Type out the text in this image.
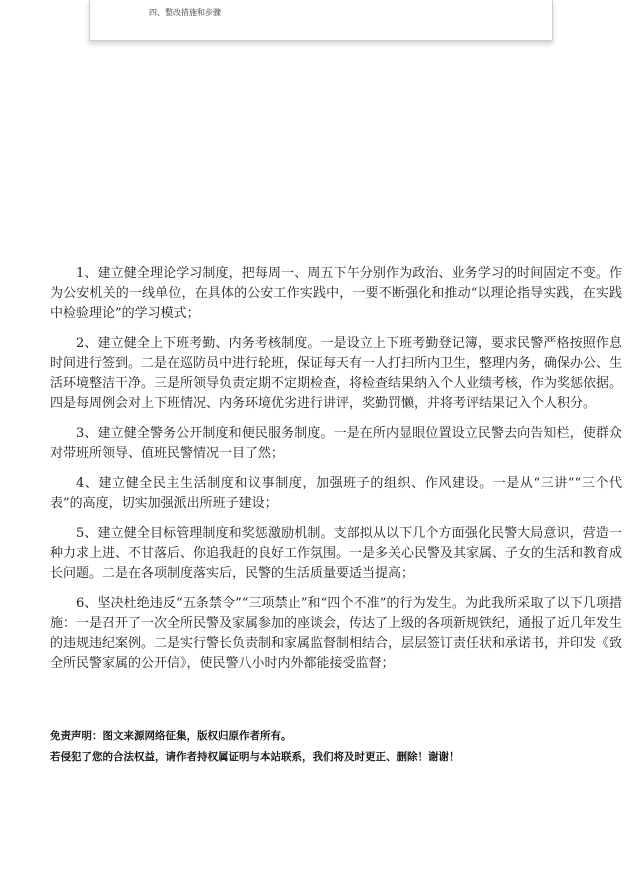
四、整改措施和步骤

1、建立健全理论学习制度，把每周一、周五下午分别作为政治、业务学习的时间固定不变。作为公安机关的一线单位，在具体的公安工作实践中，一要不断强化和推动“以理论指导实践，在实践中检验理论”的学习模式；

2、建立健全上下班考勤、内务考核制度。一是设立上下班考勤登记簿，要求民警严格按照作息时间进行签到。二是在巡防员中进行轮班，保证每天有一人打扫所内卫生，整理内务，确保办公、生活环境整洁干净。三是所领导负责定期不定期检查，将检查结果纳入个人业绩考核，作为奖惩依据。四是每周例会对上下班情况、内务环境优劣进行讲评，奖勤罚懒，并将考评结果记入个人积分。

3、建立健全警务公开制度和便民服务制度。一是在所内显眼位置设立民警去向告知栏，使群众对带班所领导、值班民警情况一目了然；

4、建立健全民主生活制度和议事制度，加强班子的组织、作风建设。一是从“三讲”“三个代表”的高度，切实加强派出所班子建设；

5、建立健全目标管理制度和奖惩激励机制。支部拟从以下几个方面强化民警大局意识，营造一种力求上进、不甘落后、你追我赶的良好工作氛围。一是多关心民警及其家属、子女的生活和教育成长问题。二是在各项制度落实后，民警的生活质量要适当提高；

6、坚决杜绝违反“五条禁令”“三项禁止”和“四个不准”的行为发生。为此我所采取了以下几项措施：一是召开了一次全所民警及家属参加的座谈会，传达了上级的各项新规铁纪，通报了近几年发生的违规违纪案例。二是实行警长负责制和家属监督制相结合，层层签订责任状和承诺书，并印发《致全所民警家属的公开信》，使民警八小时内外都能接受监督；

免责声明：图文来源网络征集，版权归原作者所有。
若侵犯了您的合法权益，请作者持权属证明与本站联系，我们将及时更正、删除！谢谢！
